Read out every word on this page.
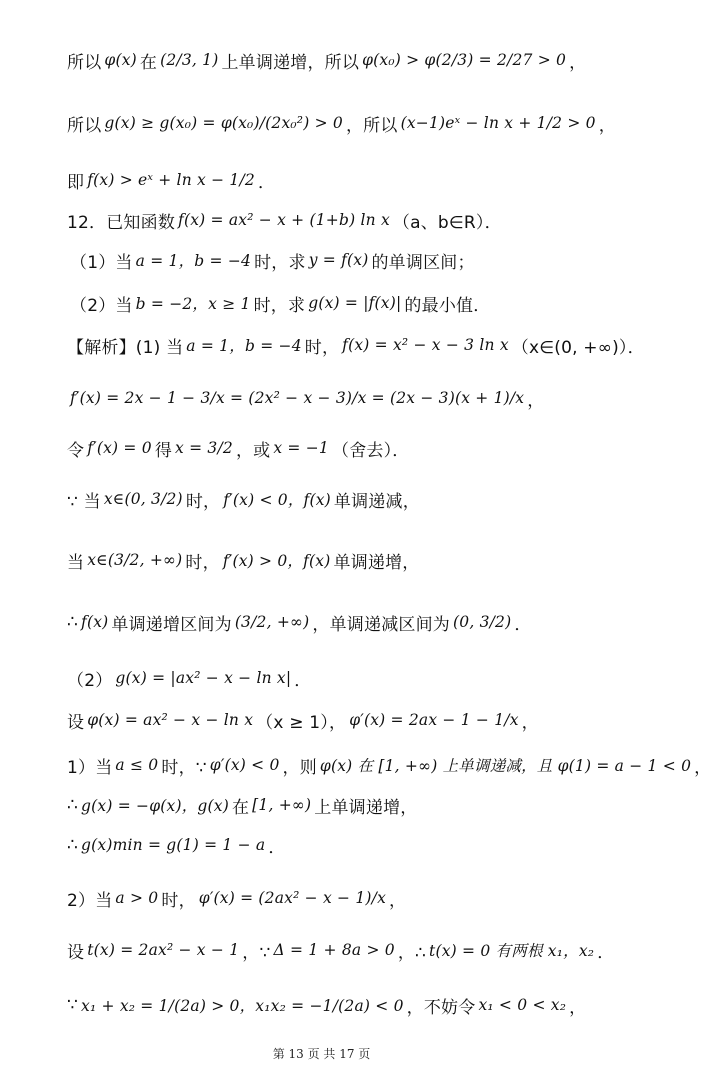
所以 φ(x) 在 (2/3, 1) 上单调递增，所以 φ(x₀) > φ(2/3) = 2/27 > 0 ，
所以 g(x) ≥ g(x₀) = φ(x₀)/(2x₀²) > 0 ，所以 (x−1)eˣ − ln x + 1/2 > 0 ，
即 f(x) > eˣ + ln x − 1/2 ．
12．已知函数 f(x) = ax² − x + (1+b) ln x （a、b∈R）．
（1）当 a = 1，b = −4 时，求 y = f(x) 的单调区间；
（2）当 b = −2，x ≥ 1 时，求 g(x) = |f(x)| 的最小值．
【解析】(1) 当 a = 1，b = −4 时， f(x) = x² − x − 3 ln x （x∈(0, +∞)）．
f′(x) = 2x − 1 − 3/x = (2x² − x − 3)/x = (2x − 3)(x + 1)/x ，
令 f′(x) = 0 得 x = 3/2 ，或 x = −1 （舍去）．
∵ 当 x∈(0, 3/2) 时， f′(x) < 0，f(x) 单调递减，
当 x∈(3/2, +∞) 时， f′(x) > 0，f(x) 单调递增，
∴ f(x) 单调递增区间为 (3/2, +∞) ，单调递减区间为 (0, 3/2) ．
（2） g(x) = |ax² − x − ln x| ．
设 φ(x) = ax² − x − ln x （x ≥ 1）， φ′(x) = 2ax − 1 − 1/x ，
1）当 a ≤ 0 时，∵ φ′(x) < 0 ，则 φ(x) 在 [1, +∞) 上单调递减，且 φ(1) = a − 1 < 0 ，
∴ g(x) = −φ(x)，g(x) 在 [1, +∞) 上单调递增，
∴ g(x)min = g(1) = 1 − a ．
2）当 a > 0 时， φ′(x) = (2ax² − x − 1)/x ，
设 t(x) = 2ax² − x − 1 ，∵ Δ = 1 + 8a > 0 ，∴ t(x) = 0 有两根 x₁，x₂ ．
∵ x₁ + x₂ = 1/(2a) > 0，x₁x₂ = −1/(2a) < 0 ，不妨令 x₁ < 0 < x₂ ，
第 13 页 共 17 页
